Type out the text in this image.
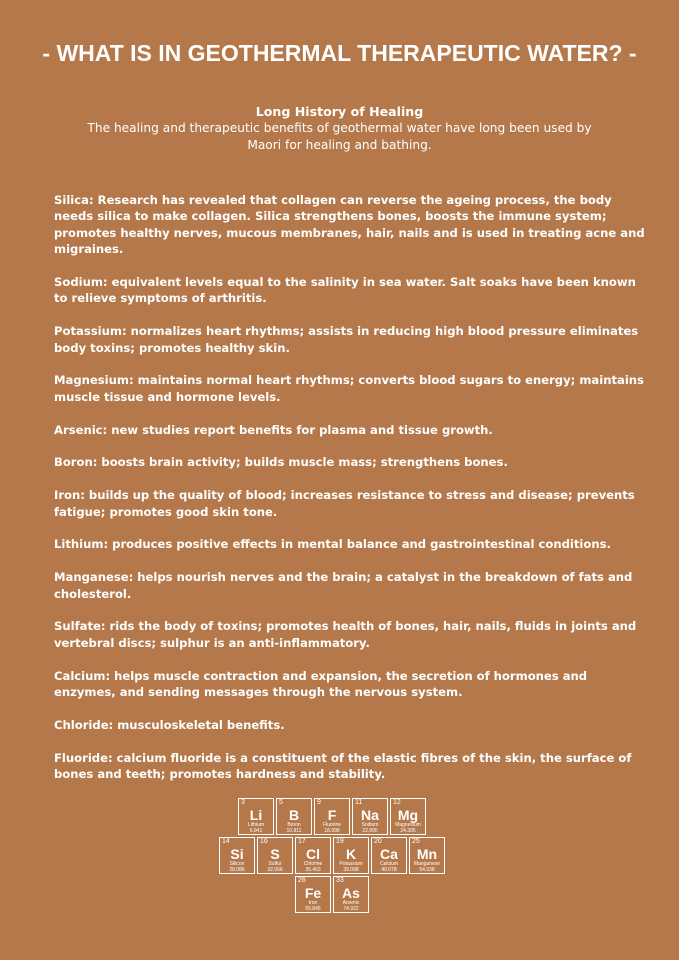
- WHAT IS IN GEOTHERMAL THERAPEUTIC WATER? -
Long History of Healing
The healing and therapeutic benefits of geothermal water have long been used by Maori for healing and bathing.

Silica: Research has revealed that collagen can reverse the ageing process, the body needs silica to make collagen. Silica strengthens bones, boosts the immune system; promotes healthy nerves, mucous membranes, hair, nails and is used in treating acne and migraines.

Sodium: equivalent levels equal to the salinity in sea water. Salt soaks have been known to relieve symptoms of arthritis.

Potassium: normalizes heart rhythms; assists in reducing high blood pressure eliminates body toxins; promotes healthy skin.

Magnesium: maintains normal heart rhythms; converts blood sugars to energy; maintains muscle tissue and hormone levels.

Arsenic: new studies report benefits for plasma and tissue growth.

Boron: boosts brain activity; builds muscle mass; strengthens bones.

Iron: builds up the quality of blood; increases resistance to stress and disease; prevents fatigue; promotes good skin tone.

Lithium: produces positive effects in mental balance and gastrointestinal conditions.

Manganese: helps nourish nerves and the brain; a catalyst in the breakdown of fats and cholesterol.

Sulfate: rids the body of toxins; promotes health of bones, hair, nails, fluids in joints and vertebral discs; sulphur is an anti-inflammatory.

Calcium: helps muscle contraction and expansion, the secretion of hormones and enzymes, and sending messages through the nervous system.

Chloride: musculoskeletal benefits.

Fluoride: calcium fluoride is a constituent of the elastic fibres of the skin, the surface of bones and teeth; promotes hardness and stability.

3
Li
Lithium
6.941
5
B
Boron
10.811
9
F
Fluorine
18.998
11
Na
Sodium
22.990
12
Mg
Magnesium
24.305
14
Si
Silicon
28.086
16
S
Sulfur
32.066
17
Cl
Chlorine
35.453
19
K
Potassium
39.098
20
Ca
Calcium
40.078
25
Mn
Manganese
54.938
26
Fe
Iron
55.845
33
As
Arsenic
74.922
